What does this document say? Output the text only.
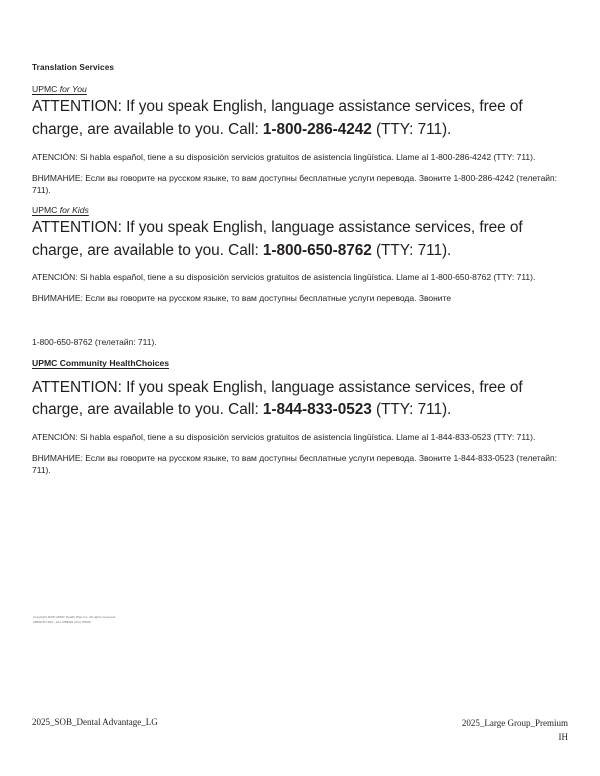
Translation Services
UPMC for You

ATTENTION: If you speak English, language assistance services, free of charge, are available to you. Call: 1-800-286-4242 (TTY: 711).

ATENCIÓN: Si habla español, tiene a su disposición servicios gratuitos de asistencia lingüística. Llame al 1-800-286-4242 (TTY: 711).

ВНИМАНИЕ: Если вы говорите на русском языке, то вам доступны бесплатные услуги перевода. Звоните 1-800-286-4242 (телетайп: 711).

UPMC for Kids

ATTENTION: If you speak English, language assistance services, free of charge, are available to you. Call: 1-800-650-8762 (TTY: 711).

ATENCIÓN: Si habla español, tiene a su disposición servicios gratuitos de asistencia lingüística. Llame al 1-800-650-8762 (TTY: 711).

ВНИМАНИЕ: Если вы говорите на русском языке, то вам доступны бесплатные услуги перевода. Звоните

1-800-650-8762 (телетайп: 711).

UPMC Community HealthChoices

ATTENTION: If you speak English, language assistance services, free of charge, are available to you. Call: 1-844-833-0523 (TTY: 711).

ATENCIÓN: Si habla español, tiene a su disposición servicios gratuitos de asistencia lingüística. Llame al 1-844-833-0523 (TTY: 711).

ВНИМАНИЕ: Если вы говорите на русском языке, то вам доступны бесплатные услуги перевода. Звоните 1-844-833-0523 (телетайп: 711).

Copyright 2025 UPMC Health Plan Inc. All rights reserved.
2955DTH-400 - ALL OBENS (AG) 3/5/25
2025_SOB_Dental Advantage_LG	2025_Large Group_Premium
IH
